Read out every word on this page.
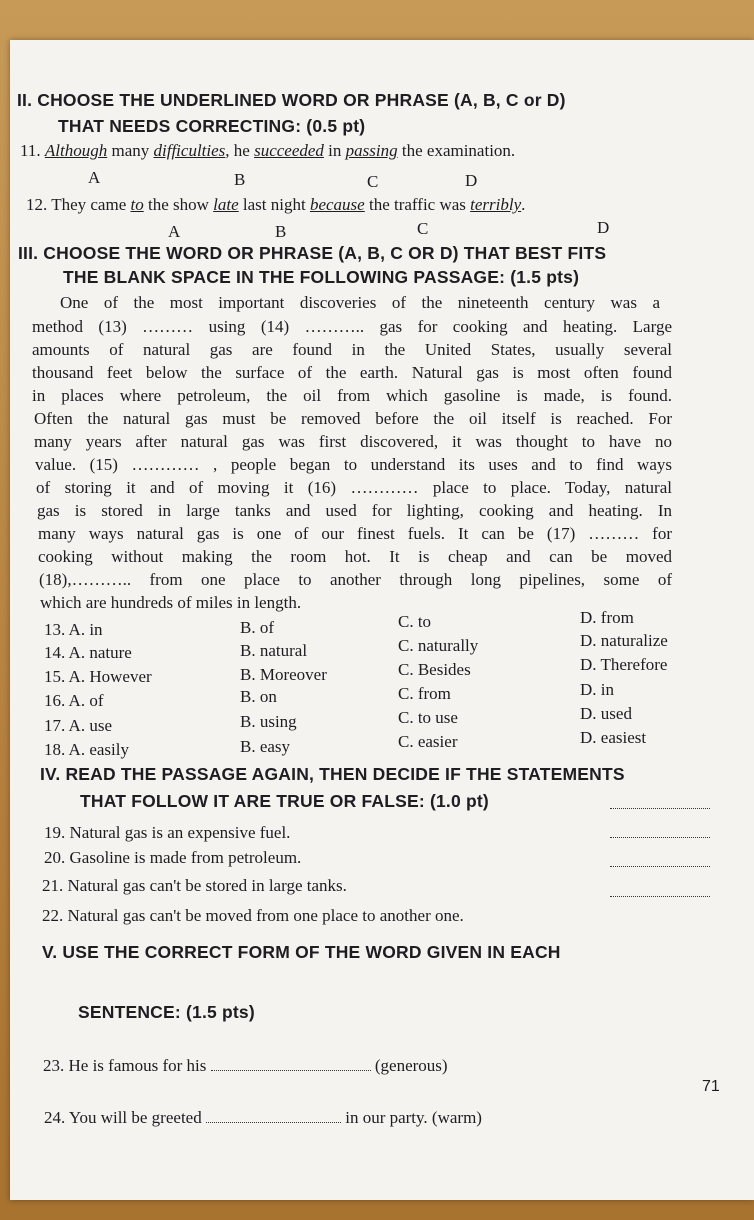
II. CHOOSE THE UNDERLINED WORD OR PHRASE (A, B, C or D)
THAT NEEDS CORRECTING: (0.5 pt)
11. Although many difficulties, he succeeded in passing the examination.
A	B	C	D
12. They came to the show late last night because the traffic was terribly.
A	B	C	D
III. CHOOSE THE WORD OR PHRASE (A, B, C OR D) THAT BEST FITS
THE BLANK SPACE IN THE FOLLOWING PASSAGE: (1.5 pts)
One of the most important discoveries of the nineteenth century was a
method (13) ……… using (14) ……….. gas for cooking and heating. Large
amounts of natural gas are found in the United States, usually several
thousand feet below the surface of the earth. Natural gas is most often found
in places where petroleum, the oil from which gasoline is made, is found.
Often the natural gas must be removed before the oil itself is reached. For
many years after natural gas was first discovered, it was thought to have no
value. (15) ………… , people began to understand its uses and to find ways
of storing it and of moving it (16) ………… place to place. Today, natural
gas is stored in large tanks and used for lighting, cooking and heating. In
many ways natural gas is one of our finest fuels. It can be (17) ……… for
cooking without making the room hot. It is cheap and can be moved
(18),……….. from one place to another through long pipelines, some of
which are hundreds of miles in length.
13. A. in	B. of	C. to	D. from
14. A. nature	B. natural	C. naturally	D. naturalize
15. A. However	B. Moreover	C. Besides	D. Therefore
16. A. of	B. on	C. from	D. in
17. A. use	B. using	C. to use	D. used
18. A. easily	B. easy	C. easier	D. easiest
IV. READ THE PASSAGE AGAIN, THEN DECIDE IF THE STATEMENTS
THAT FOLLOW IT ARE TRUE OR FALSE: (1.0 pt)
19. Natural gas is an expensive fuel.
20. Gasoline is made from petroleum.
21. Natural gas can't be stored in large tanks.
22. Natural gas can't be moved from one place to another one.
V. USE THE CORRECT FORM OF THE WORD GIVEN IN EACH
SENTENCE: (1.5 pts)
23. He is famous for his	(generous)
24. You will be greeted	in our party. (warm)
71
